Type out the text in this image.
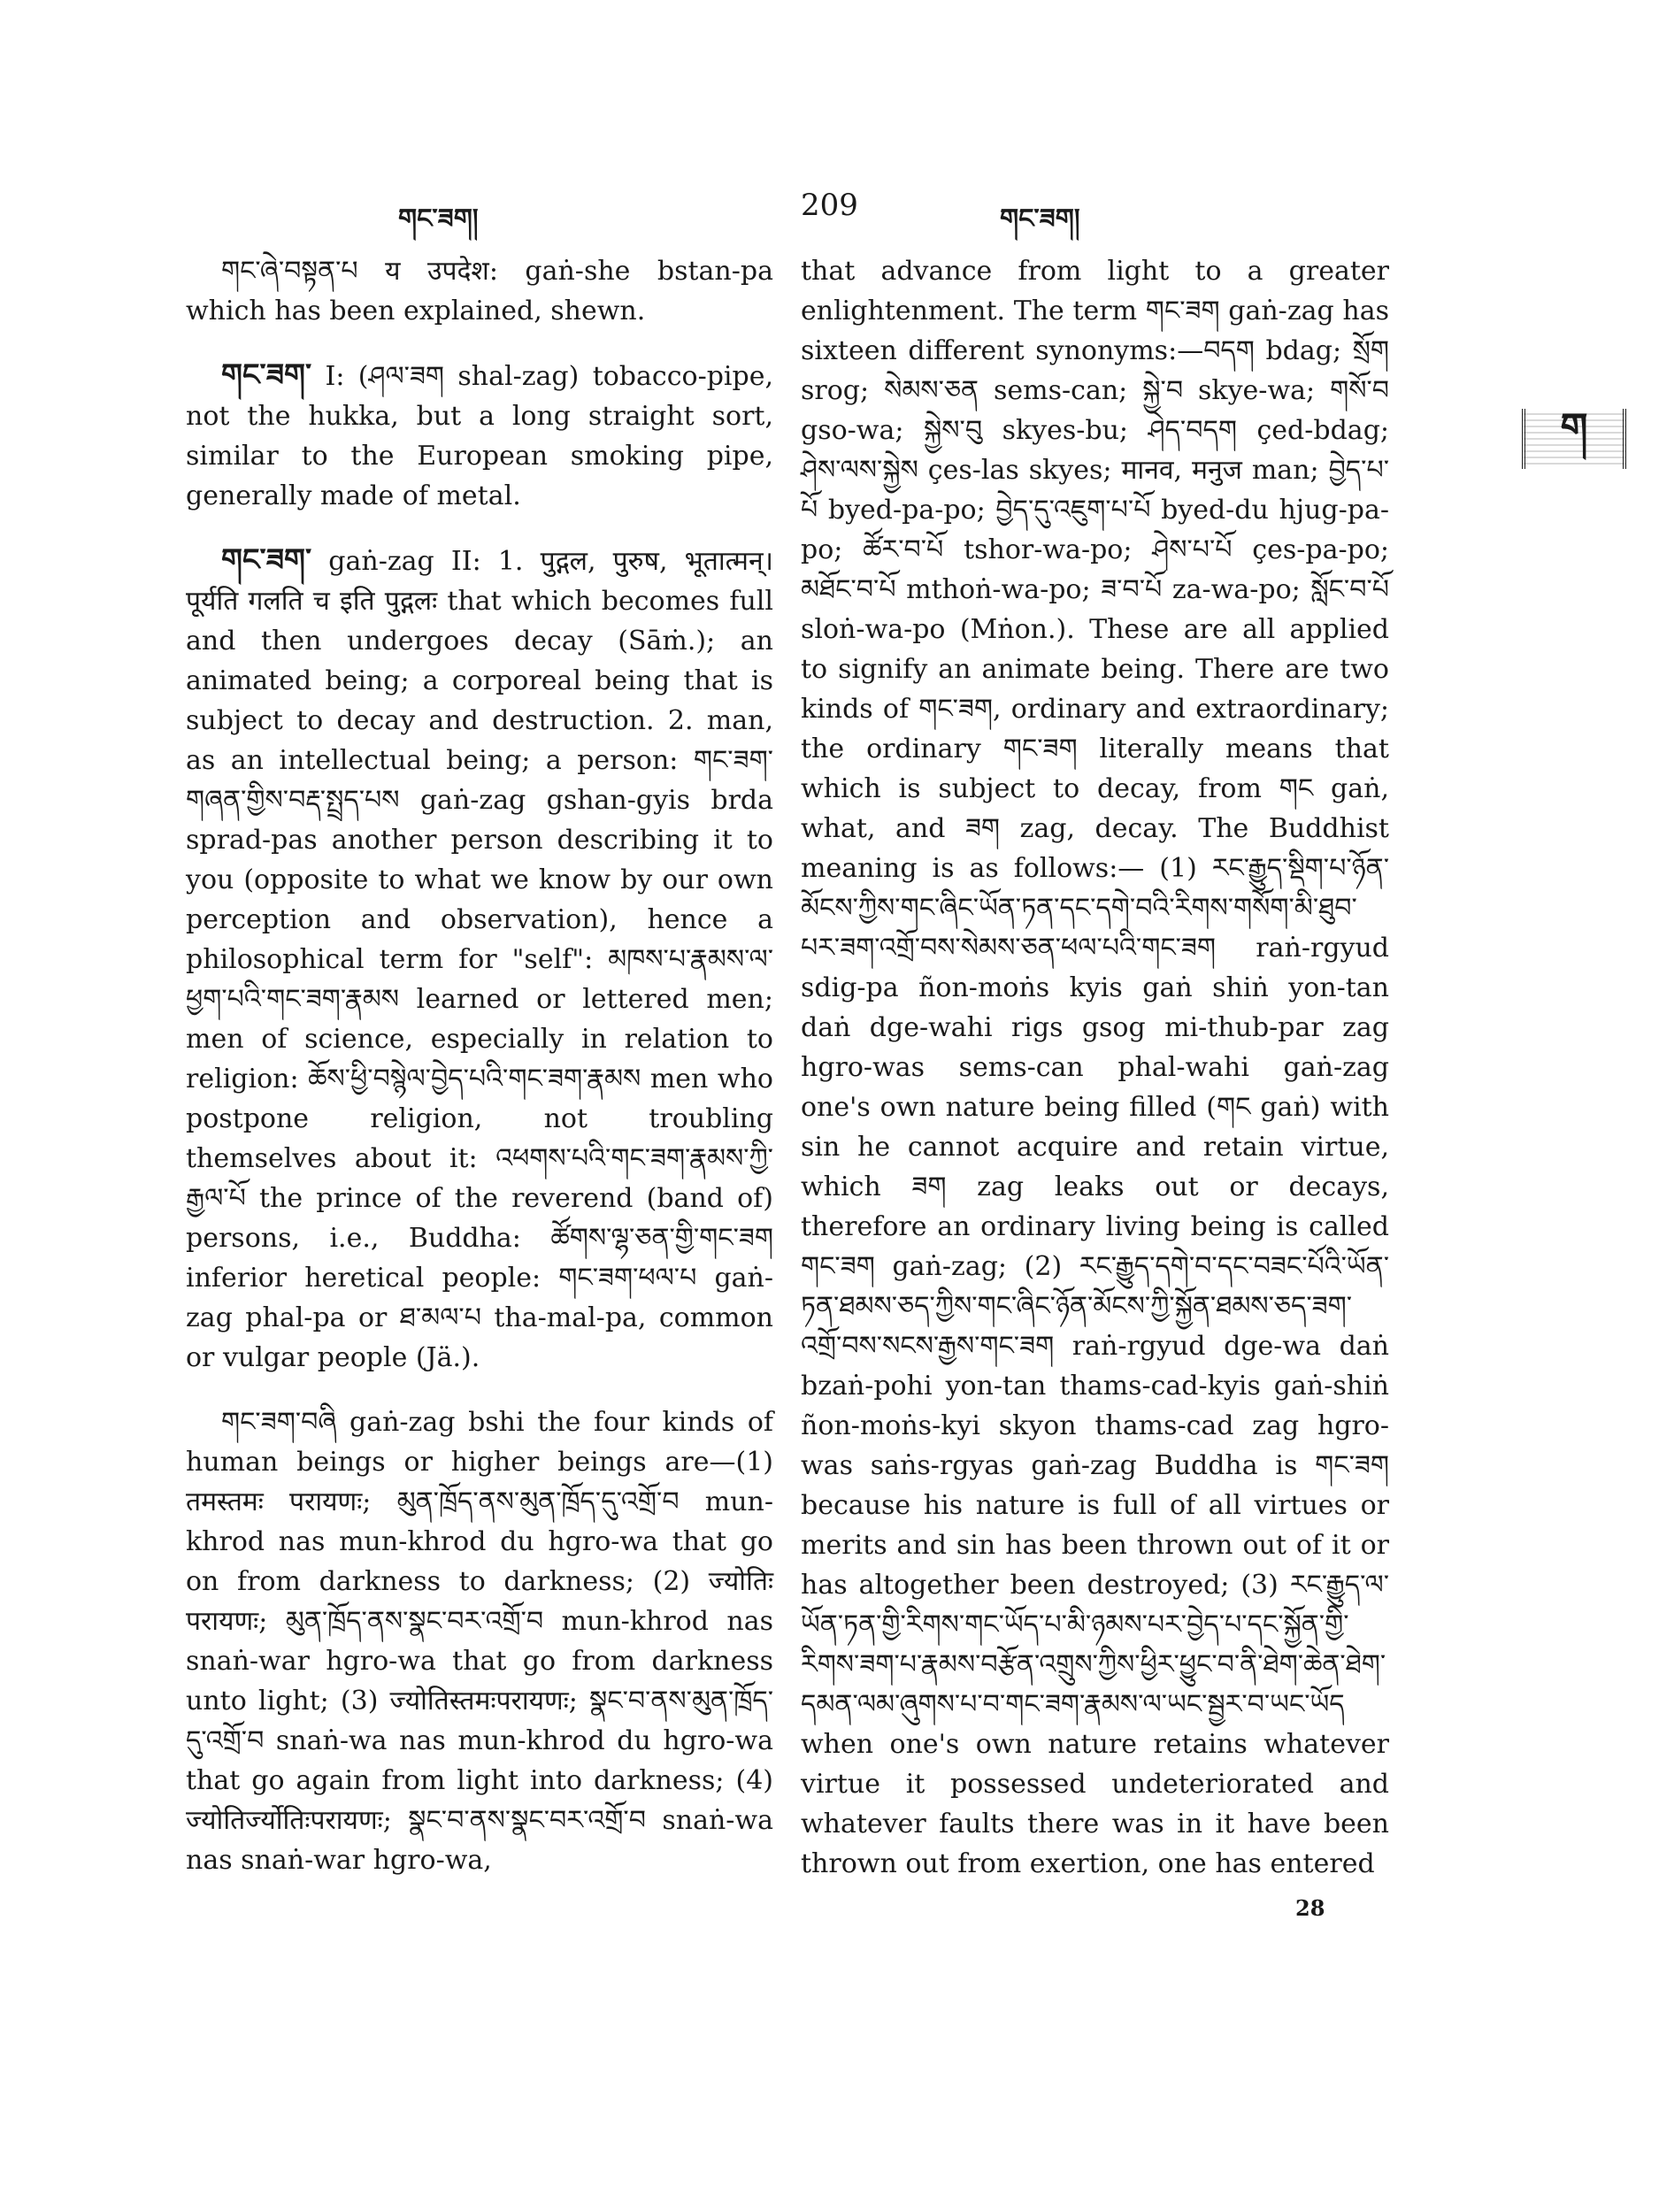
གང་ཟག།	209	གང་ཟག།
ག

གང་ཞེ་བསྟན་པ य उपदेश: gaṅ-she bstan-pa which has been explained, shewn.

གང་ཟག་ I: (ཤལ་ཟག shal-zag) tobacco-pipe, not the hukka, but a long straight sort, similar to the European smoking pipe, generally made of metal.

གང་ཟག་ gaṅ-zag II: 1. पुद्गल, पुरुष, भूतात्मन्। पूर्यति गलति च इति पुद्गलः that which becomes full and then undergoes decay (Sāṁ.); an animated being; a corporeal being that is subject to decay and destruction. 2. man, as an intellectual being; a person: གང་ཟག་གཞན་གྱིས་བརྡ་སྤྲད་པས gaṅ-zag gshan-gyis brda sprad-pas another person describing it to you (opposite to what we know by our own perception and observation), hence a philosophical term for "self": མཁས་པ་རྣམས་ལ་ཕྱག་པའི་གང་ཟག་རྣམས learned or lettered men; men of science, especially in relation to religion: ཆོས་ཕྱི་བསྙེལ་བྱེད་པའི་གང་ཟག་རྣམས men who postpone religion, not troubling themselves about it: འཕགས་པའི་གང་ཟག་རྣམས་ཀྱི་རྒྱལ་པོ the prince of the reverend (band of) persons, i.e., Buddha: ཚོགས་ལྷ་ཅན་གྱི་གང་ཟག inferior heretical people: གང་ཟག་ཕལ་པ gaṅ-zag phal-pa or ཐ་མལ་པ tha-mal-pa, common or vulgar people (Jä.).

གང་ཟག་བཞི gaṅ-zag bshi the four kinds of human beings or higher beings are—(1) तमस्तमः परायणः; མུན་ཁྲོད་ནས་མུན་ཁྲོད་དུ་འགྲོ་བ mun-khrod nas mun-khrod du hgro-wa that go on from darkness to darkness; (2) ज्योतिः परायणः; མུན་ཁྲོད་ནས་སྣང་བར་འགྲོ་བ mun-khrod nas snaṅ-war hgro-wa that go from darkness unto light; (3) ज्योतिस्तमःपरायणः; སྣང་བ་ནས་མུན་ཁྲོད་དུ་འགྲོ་བ snaṅ-wa nas mun-khrod du hgro-wa that go again from light into darkness; (4) ज्योतिर्ज्योतिःपरायणः; སྣང་བ་ནས་སྣང་བར་འགྲོ་བ snaṅ-wa nas snaṅ-war hgro-wa,

that advance from light to a greater enlightenment. The term གང་ཟག gaṅ-zag has sixteen different synonyms:—བདག bdag; སྲོག srog; སེམས་ཅན sems-can; སྐྱེ་བ skye-wa; གསོ་བ gso-wa; སྐྱེས་བུ skyes-bu; ཤེད་བདག çed-bdag; ཤེས་ལས་སྐྱེས çes-las skyes; मानव, मनुज man; བྱེད་པ་པོ byed-pa-po; བྱེད་དུ་འཇུག་པ་པོ byed-du hjug-pa-po; ཚོར་བ་པོ tshor-wa-po; ཤེས་པ་པོ çes-pa-po; མཐོང་བ་པོ mthoṅ-wa-po; ཟ་བ་པོ za-wa-po; སློང་བ་པོ sloṅ-wa-po (Mṅon.). These are all applied to signify an animate being. There are two kinds of གང་ཟག, ordinary and extraordinary; the ordinary གང་ཟག literally means that which is subject to decay, from གང gaṅ, what, and ཟག zag, decay. The Buddhist meaning is as follows:— (1) རང་རྒྱུད་སྡིག་པ་ཉོན་མོངས་ཀྱིས་གང་ཞིང་ཡོན་ཏན་དང་དགེ་བའི་རིགས་གསོག་མི་ཐུབ་པར་ཟག་འགྲོ་བས་སེམས་ཅན་ཕལ་པའི་གང་ཟག raṅ-rgyud sdig-pa ñon-moṅs kyis gaṅ shiṅ yon-tan daṅ dge-wahi rigs gsog mi-thub-par zag hgro-was sems-can phal-wahi gaṅ-zag one's own nature being filled (གང gaṅ) with sin he cannot acquire and retain virtue, which ཟག zag leaks out or decays, therefore an ordinary living being is called གང་ཟག gaṅ-zag; (2) རང་རྒྱུད་དགེ་བ་དང་བཟང་པོའི་ཡོན་ཏན་ཐམས་ཅད་ཀྱིས་གང་ཞིང་ཉོན་མོངས་ཀྱི་སྐྱོན་ཐམས་ཅད་ཟག་འགྲོ་བས་སངས་རྒྱས་གང་ཟག raṅ-rgyud dge-wa daṅ bzaṅ-pohi yon-tan thams-cad-kyis gaṅ-shiṅ ñon-moṅs-kyi skyon thams-cad zag hgro-was saṅs-rgyas gaṅ-zag Buddha is གང་ཟག because his nature is full of all virtues or merits and sin has been thrown out of it or has altogether been destroyed; (3) རང་རྒྱུད་ལ་ཡོན་ཏན་གྱི་རིགས་གང་ཡོད་པ་མི་ཉམས་པར་བྱེད་པ་དང་སྐྱོན་གྱི་རིགས་ཟག་པ་རྣམས་བརྩོན་འགྲུས་ཀྱིས་ཕྱིར་ཕྱུང་བ་ནི་ཐེག་ཆེན་ཐེག་དམན་ལམ་ཞུགས་པ་བ་གང་ཟག་རྣམས་ལ་ཡང་སྦྱར་བ་ཡང་ཡོད when one's own nature retains whatever virtue it possessed undeteriorated and whatever faults there was in it have been thrown out from exertion, one has entered

28
